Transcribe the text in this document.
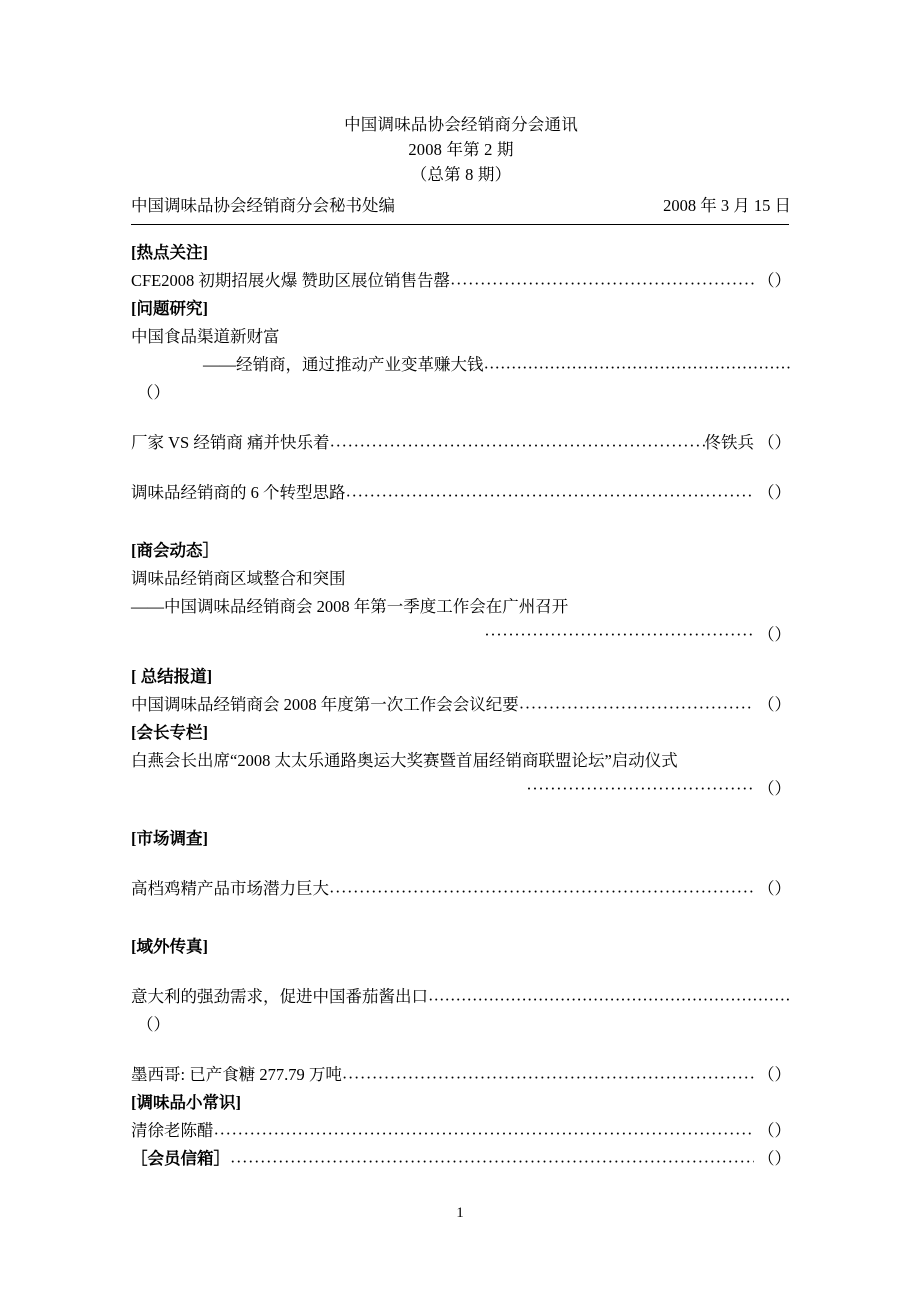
中国调味品协会经销商分会通讯
2008 年第 2 期
（总第 8 期）
中国调味品协会经销商分会秘书处编	2008 年 3 月 15 日
[热点关注]
CFE2008 初期招展火爆 赞助区展位销售告罄 ·····	（）
[问题研究]
中国食品渠道新财富
——经销商，通过推动产业变革赚大钱
·····
（）
厂家 VS 经销商 痛并快乐着 ·····	佟铁兵 （）
调味品经销商的 6 个转型思路 ·····	（）
[商会动态］
调味品经销商区域整合和突围
——中国调味品经销商会 2008 年第一季度工作会在广州召开
············································· （）
[ 总结报道]
中国调味品经销商会 2008 年度第一次工作会会议纪要 ·····	（）
[会长专栏]
白燕会长出席“2008 太太乐通路奥运大奖赛暨首届经销商联盟论坛”启动仪式
······································ （）
[市场调查]
高档鸡精产品市场潜力巨大 ·····	（）
[域外传真]
意大利的强劲需求，促进中国番茄酱出口
·····
（）
墨西哥: 已产食糖 277.79 万吨 ·····	（）
[调味品小常识]
清徐老陈醋 ·····	（）
［会员信箱］ ·····	（）
1
